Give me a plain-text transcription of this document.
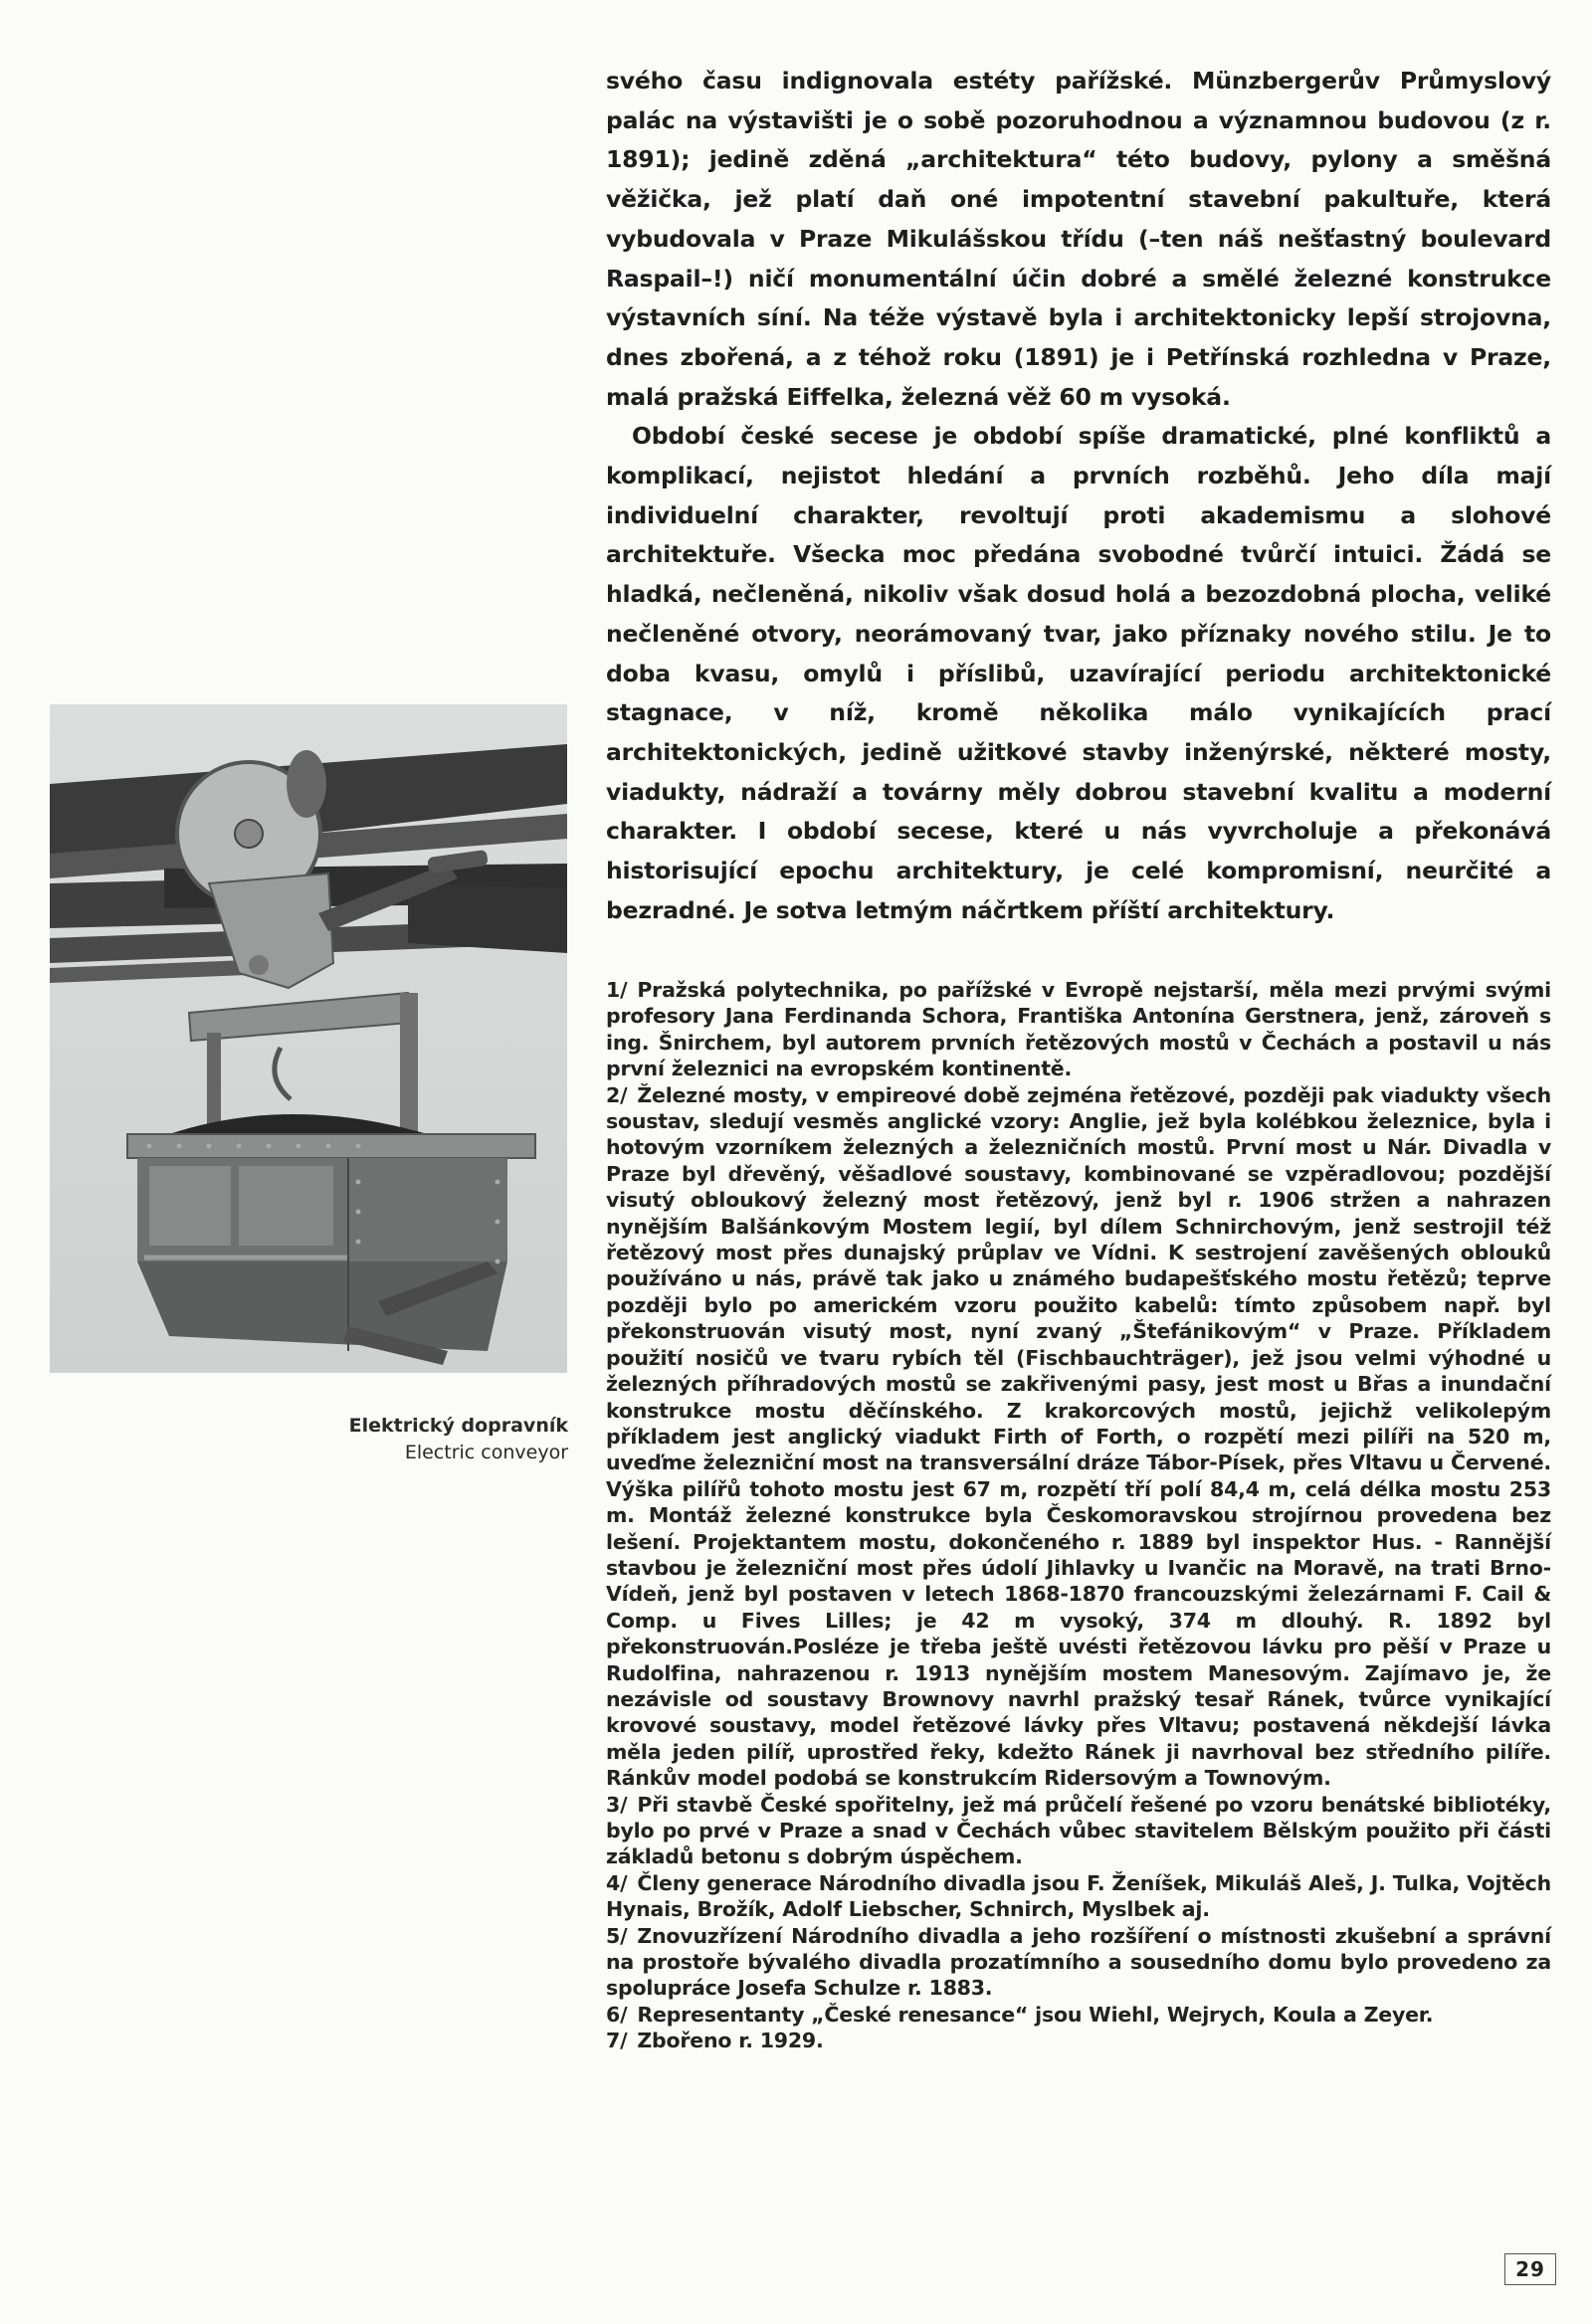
svého času indignovala estéty pařížské. Münzbergerův Průmyslový palác na výstavišti je o sobě pozoruhodnou a významnou budovou (z r. 1891); jedině zděná „architektura“ této budovy, pylony a směšná věžička, jež platí daň oné impotentní stavební pakultuře, která vybudovala v Praze Mikulášskou třídu (–ten náš nešťastný boulevard Raspail–!) ničí monumentální účin dobré a smělé železné konstrukce výstavních síní. Na téže výstavě byla i architektonicky lepší strojovna, dnes zbořená, a z téhož roku (1891) je i Petřínská rozhledna v Praze, malá pražská Eiffelka, železná věž 60 m vysoká.

Období české secese je období spíše dramatické, plné konfliktů a komplikací, nejistot hledání a prvních rozběhů. Jeho díla mají individuelní charakter, revoltují proti akademismu a slohové architektuře. Všecka moc předána svobodné tvůrčí intuici. Žádá se hladká, nečleněná, nikoliv však dosud holá a bezozdobná plocha, veliké nečleněné otvory, neorámovaný tvar, jako příznaky nového stilu. Je to doba kvasu, omylů i příslibů, uzavírající periodu architektonické stagnace, v níž, kromě několika málo vynikajících prací architektonických, jedině užitkové stavby inženýrské, některé mosty, viadukty, nádraží a továrny měly dobrou stavební kvalitu a moderní charakter. I období secese, které u nás vyvrcholuje a překonává historisující epochu architektury, je celé kompromisní, neurčité a bezradné. Je sotva letmým náčrtkem příští architektury.

Elektrický dopravník
Electric conveyor

1/ Pražská polytechnika, po pařížské v Evropě nejstarší, měla mezi prvými svými profesory Jana Ferdinanda Schora, Františka Antonína Gerstnera, jenž, zároveň s ing. Šnirchem, byl autorem prvních řetězových mostů v Čechách a postavil u nás první železnici na evropském kontinentě.

2/ Železné mosty, v empireové době zejména řetězové, později pak viadukty všech soustav, sledují vesměs anglické vzory: Anglie, jež byla kolébkou železnice, byla i hotovým vzorníkem železných a železničních mostů. První most u Nár. Divadla v Praze byl dřevěný, věšadlové soustavy, kombinované se vzpěradlovou; pozdější visutý obloukový železný most řetězový, jenž byl r. 1906 stržen a nahrazen nynějším Balšánkovým Mostem legií, byl dílem Schnirchovým, jenž sestrojil též řetězový most přes dunajský průplav ve Vídni. K sestrojení zavěšených oblouků používáno u nás, právě tak jako u známého budapešťského mostu řetězů; teprve později bylo po americkém vzoru použito kabelů: tímto způsobem např. byl překonstruován visutý most, nyní zvaný „Štefánikovým“ v Praze. Příkladem použití nosičů ve tvaru rybích těl (Fischbauchträger), jež jsou velmi výhodné u železných příhradových mostů se zakřivenými pasy, jest most u Břas a inundační konstrukce mostu děčínského. Z krakorcových mostů, jejichž velikolepým příkladem jest anglický viadukt Firth of Forth, o rozpětí mezi pilíři na 520 m, uveďme železniční most na transversální dráze Tábor-Písek, přes Vltavu u Červené. Výška pilířů tohoto mostu jest 67 m, rozpětí tří polí 84,4 m, celá délka mostu 253 m. Montáž železné konstrukce byla Českomoravskou strojírnou provedena bez lešení. Projektantem mostu, dokončeného r. 1889 byl inspektor Hus. - Rannější stavbou je železniční most přes údolí Jihlavky u Ivančic na Moravě, na trati Brno-Vídeň, jenž byl postaven v letech 1868-1870 francouzskými železárnami F. Cail & Comp. u Fives Lilles; je 42 m vysoký, 374 m dlouhý. R. 1892 byl překonstruován.Posléze je třeba ještě uvésti řetězovou lávku pro pěší v Praze u Rudolfina, nahrazenou r. 1913 nynějším mostem Manesovým. Zajímavo je, že nezávisle od soustavy Brownovy navrhl pražský tesař Ránek, tvůrce vynikající krovové soustavy, model řetězové lávky přes Vltavu; postavená někdejší lávka měla jeden pilíř, uprostřed řeky, kdežto Ránek ji navrhoval bez středního pilíře. Ránkův model podobá se konstrukcím Ridersovým a Townovým.

3/ Při stavbě České spořitelny, jež má průčelí řešené po vzoru benátské bibliotéky, bylo po prvé v Praze a snad v Čechách vůbec stavitelem Bělským použito při části základů betonu s dobrým úspěchem.

4/ Členy generace Národního divadla jsou F. Ženíšek, Mikuláš Aleš, J. Tulka, Vojtěch Hynais, Brožík, Adolf Liebscher, Schnirch, Myslbek aj.

5/ Znovuzřízení Národního divadla a jeho rozšíření o místnosti zkušební a správní na prostoře bývalého divadla prozatímního a sousedního domu bylo provedeno za spolupráce Josefa Schulze r. 1883.

6/ Representanty „České renesance“ jsou Wiehl, Wejrych, Koula a Zeyer.

7/ Zbořeno r. 1929.

29
